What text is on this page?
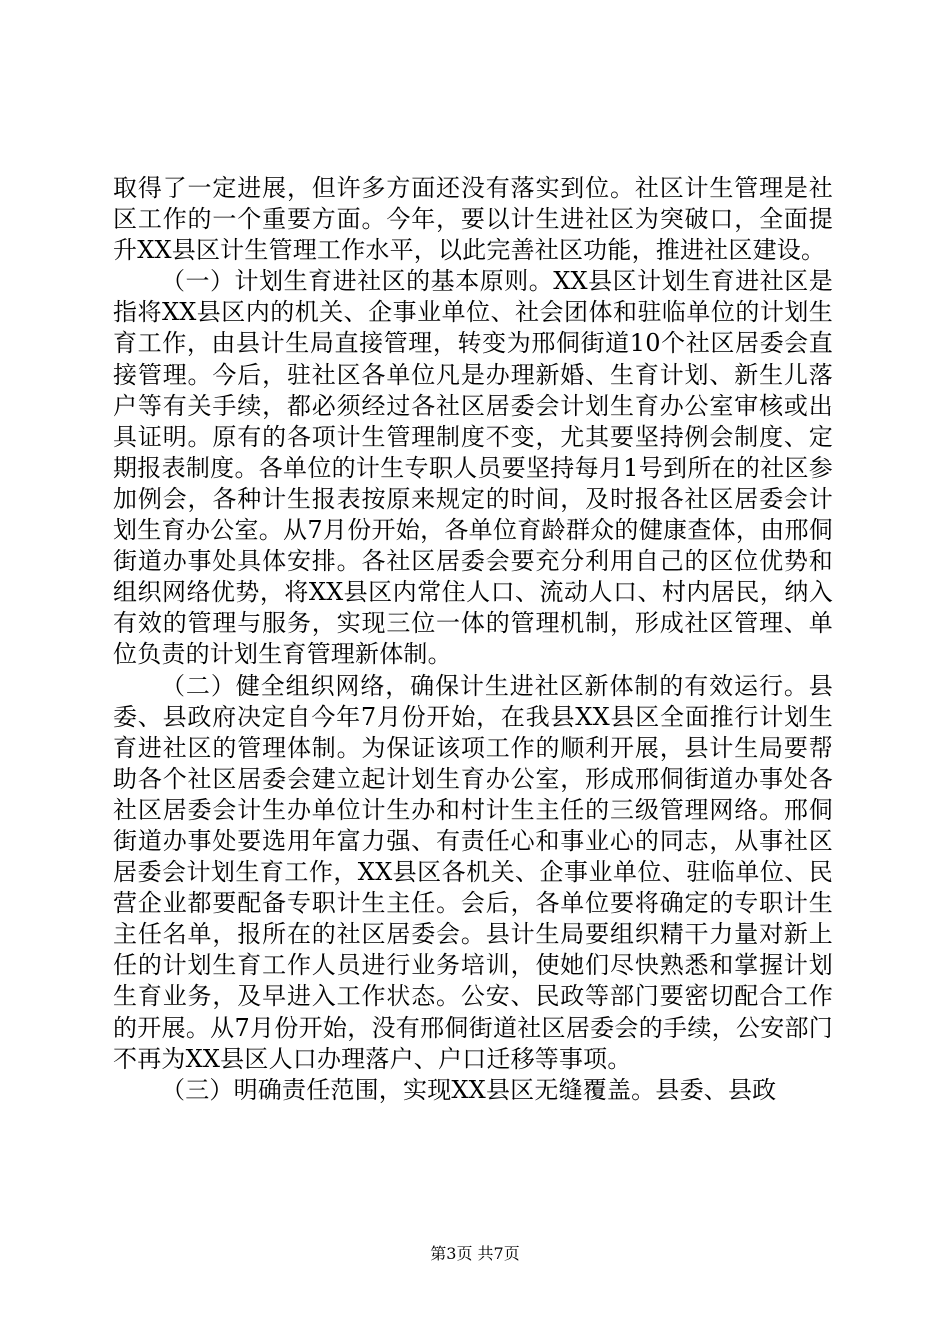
取得了一定进展，但许多方面还没有落实到位。社区计生管理是社区工作的一个重要方面。今年，要以计生进社区为突破口，全面提升XX县区计生管理工作水平，以此完善社区功能，推进社区建设。

（一）计划生育进社区的基本原则。XX县区计划生育进社区是指将XX县区内的机关、企事业单位、社会团体和驻临单位的计划生育工作，由县计生局直接管理，转变为邢侗街道10个社区居委会直接管理。今后，驻社区各单位凡是办理新婚、生育计划、新生儿落户等有关手续，都必须经过各社区居委会计划生育办公室审核或出具证明。原有的各项计生管理制度不变，尤其要坚持例会制度、定期报表制度。各单位的计生专职人员要坚持每月1号到所在的社区参加例会，各种计生报表按原来规定的时间，及时报各社区居委会计划生育办公室。从7月份开始，各单位育龄群众的健康查体，由邢侗街道办事处具体安排。各社区居委会要充分利用自己的区位优势和组织网络优势，将XX县区内常住人口、流动人口、村内居民，纳入有效的管理与服务，实现三位一体的管理机制，形成社区管理、单位负责的计划生育管理新体制。

（二）健全组织网络，确保计生进社区新体制的有效运行。县委、县政府决定自今年7月份开始，在我县XX县区全面推行计划生育进社区的管理体制。为保证该项工作的顺利开展，县计生局要帮助各个社区居委会建立起计划生育办公室，形成邢侗街道办事处各社区居委会计生办单位计生办和村计生主任的三级管理网络。邢侗街道办事处要选用年富力强、有责任心和事业心的同志，从事社区居委会计划生育工作，XX县区各机关、企事业单位、驻临单位、民营企业都要配备专职计生主任。会后，各单位要将确定的专职计生主任名单，报所在的社区居委会。县计生局要组织精干力量对新上任的计划生育工作人员进行业务培训，使她们尽快熟悉和掌握计划生育业务，及早进入工作状态。公安、民政等部门要密切配合工作的开展。从7月份开始，没有邢侗街道社区居委会的手续，公安部门不再为XX县区人口办理落户、户口迁移等事项。

（三）明确责任范围，实现XX县区无缝覆盖。县委、县政

第3页 共7页
